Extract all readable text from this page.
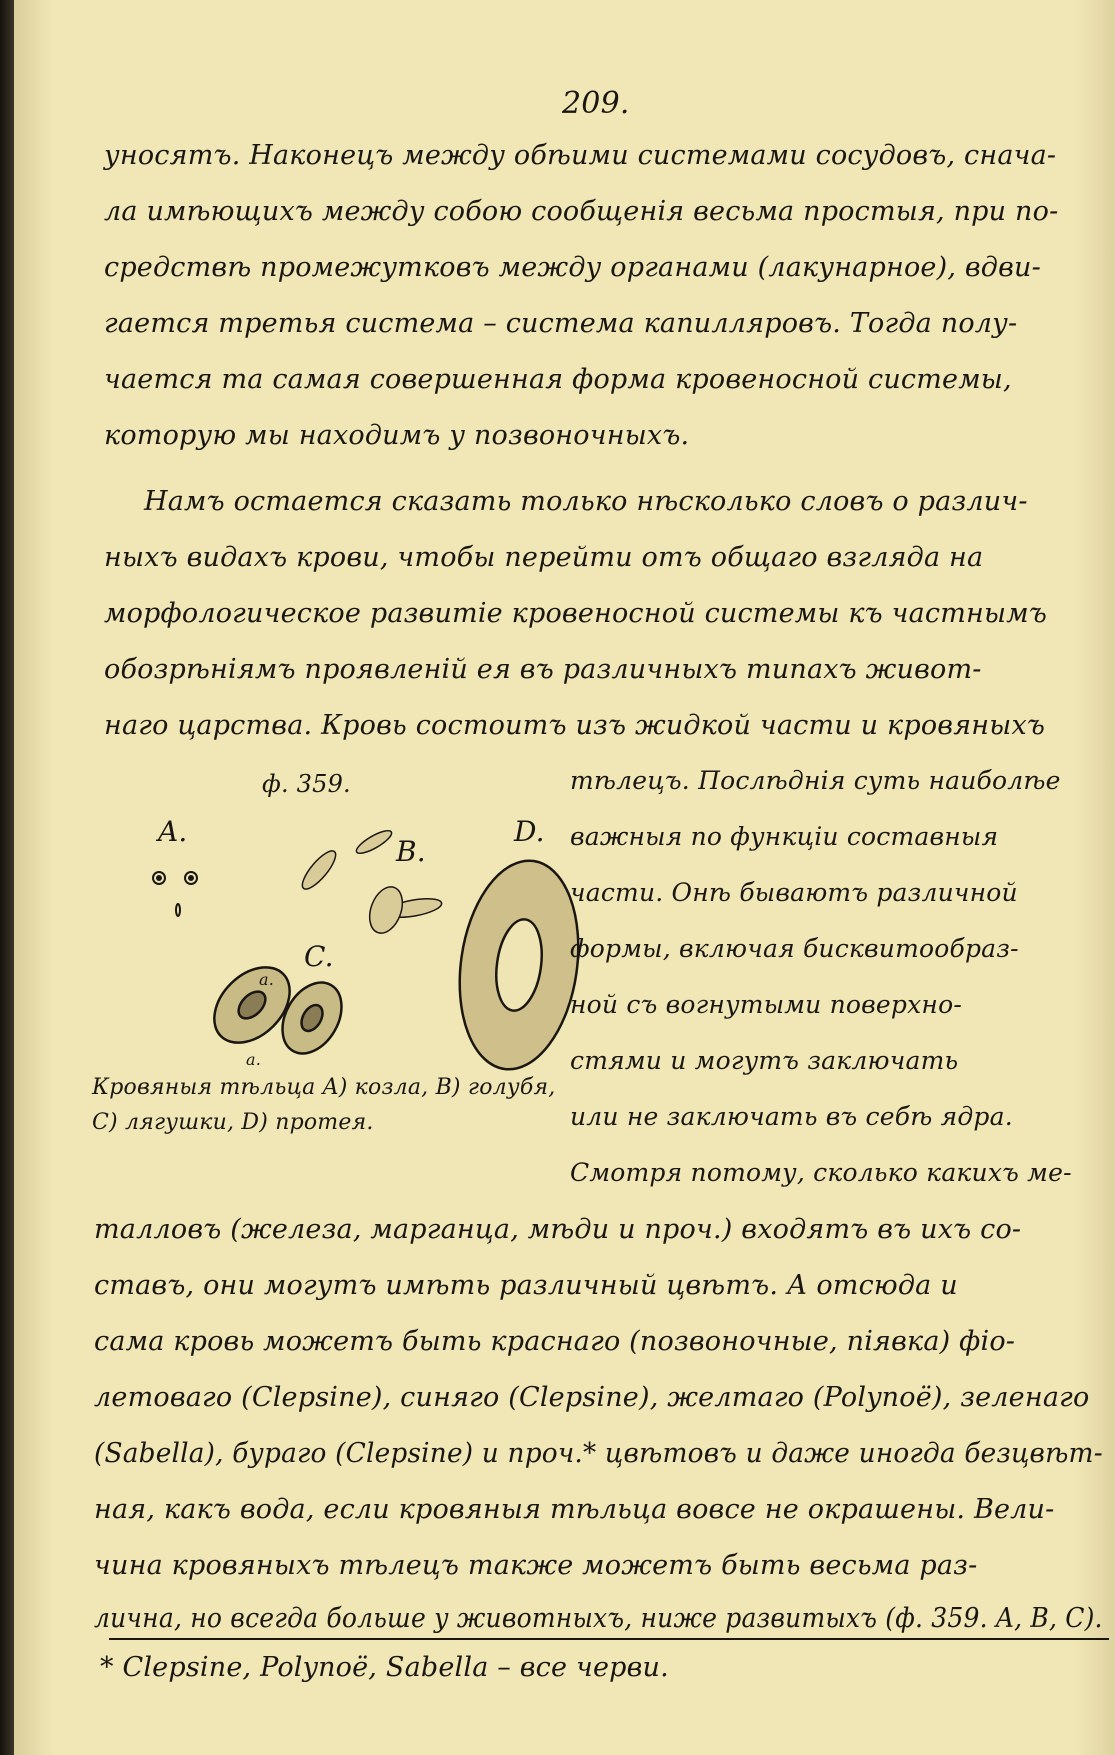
209.
уносятъ. Наконецъ между обѣими системами сосудовъ, снача-
ла имѣющихъ между собою сообщенія весьма простыя, при по-
средствѣ промежутковъ между органами (лакунарное), вдви-
гается третья система – система капилляровъ. Тогда полу-
чается та самая совершенная форма кровеносной системы,
которую мы находимъ у позвоночныхъ.
Намъ остается сказать только нѣсколько словъ о различ-
ныхъ видахъ крови, чтобы перейти отъ общаго взгляда на
морфологическое развитіе кровеносной системы къ частнымъ
обозрѣніямъ проявленій ея въ различныхъ типахъ живот-
наго царства. Кровь состоитъ изъ жидкой части и кровяныхъ
ф. 359.
A.
B.
C.
D.
a.
a.
Кровяныя тѣльца A) козла, B) голубя,
C) лягушки, D) протея.
тѣлецъ. Послѣднія суть наиболѣе
важныя по функціи составныя
части. Онѣ бываютъ различной
формы, включая бисквитообраз-
ной съ вогнутыми поверхно-
стями и могутъ заключать
или не заключать въ себѣ ядра.
Смотря потому, сколько какихъ ме-
талловъ (железа, марганца, мѣди и проч.) входятъ въ ихъ со-
ставъ, они могутъ имѣть различный цвѣтъ. А отсюда и
сама кровь можетъ быть краснаго (позвоночные, піявка) фіо-
летоваго (Clepsine), синяго (Clepsine), желтаго (Polynoë), зеленаго
(Sabella), бураго (Clepsine) и проч.* цвѣтовъ и даже иногда безцвѣт-
ная, какъ вода, если кровяныя тѣльца вовсе не окрашены. Вели-
чина кровяныхъ тѣлецъ также можетъ быть весьма раз-
лична, но всегда больше у животныхъ, ниже развитыхъ (ф. 359. A, B, C).
* Clepsine, Polynoë, Sabella – все черви.
